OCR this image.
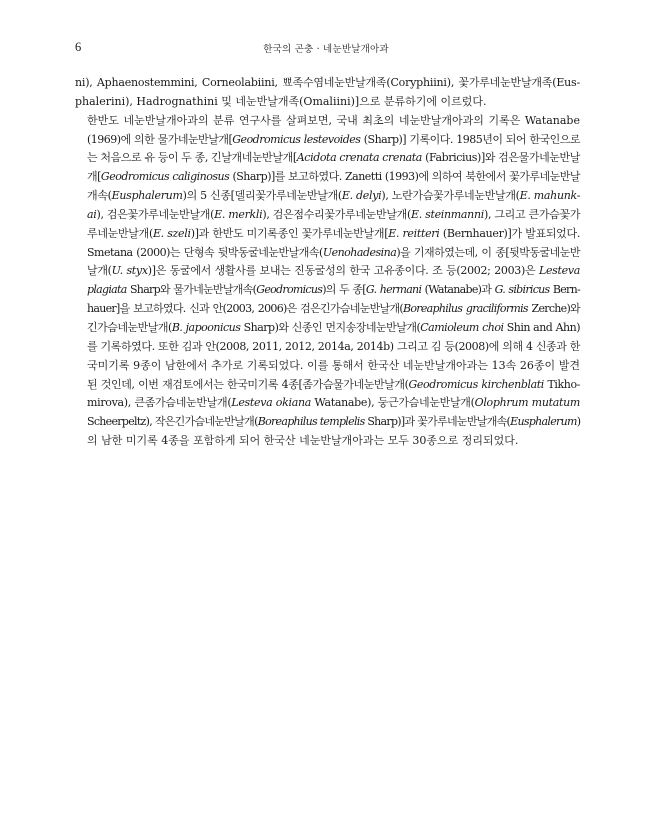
6	한국의 곤충 · 네눈반날개아과

ni), Aphaenostemmini, Corneolabiini, 뾰족수염네눈반날개족(Coryphiini), 꽃가루네눈반날개족(Eus-
phalerini), Hadrognathini 및 네눈반날개족(Omaliini)]으로 분류하기에 이르렀다.

한반도 네눈반날개아과의 분류 연구사를 살펴보면, 국내 최초의 네눈반날개아과의 기록은 Watanabe
(1969)에 의한 물가네눈반날개[Geodromicus lestevoides (Sharp)] 기록이다. 1985년이 되어 한국인으로
는 처음으로 유 등이 두 종, 긴날개네눈반날개[Acidota crenata crenata (Fabricius)]와 검은물가네눈반날
개[Geodromicus caliginosus (Sharp)]를 보고하였다. Zanetti (1993)에 의하여 북한에서 꽃가루네눈반날
개속(Eusphalerum)의 5 신종[델리꽃가루네눈반날개(E. delyi), 노란가슴꽃가루네눈반날개(E. mahunk-
ai), 검은꽃가루네눈반날개(E. merkli), 검은점수리꽃가루네눈반날개(E. steinmanni), 그리고 큰가슴꽃가
루네눈반날개(E. szeli)]과 한반도 미기록종인 꽃가루네눈반날개[E. reitteri (Bernhauer)]가 발표되었다.
Smetana (2000)는 단형속 뒷박동굴네눈반날개속(Uenohadesina)을 기재하였는데, 이 종[뒷박동굴네눈반
날개(U. styx)]은 동굴에서 생활사를 보내는 진동굴성의 한국 고유종이다. 조 등(2002; 2003)은 Lesteva
plagiata Sharp와 물가네눈반날개속(Geodromicus)의 두 종[G. hermani (Watanabe)과 G. sibiricus Bern-
hauer]을 보고하였다. 신과 안(2003, 2006)은 검은긴가슴네눈반날개(Boreaphilus graciliformis Zerche)와
긴가슴네눈반날개(B. japoonicus Sharp)와 신종인 먼지송장네눈반날개(Camioleum choi Shin and Ahn)
를 기록하였다. 또한 김과 안(2008, 2011, 2012, 2014a, 2014b) 그리고 김 등(2008)에 의해 4 신종과 한
국미기록 9종이 남한에서 추가로 기록되었다. 이를 통해서 한국산 네눈반날개아과는 13속 26종이 발견
된 것인데, 이번 재검토에서는 한국미기록 4종[좀가슴물가네눈반날개(Geodromicus kirchenblati Tikho-
mirova), 큰좀가슴네눈반날개(Lesteva okiana Watanabe), 둥근가슴네눈반날개(Olophrum mutatum
Scheerpeltz), 작은긴가슴네눈반날개(Boreaphilus templelis Sharp)]과 꽃가루네눈반날개속(Eusphalerum)
의 남한 미기록 4종을 포함하게 되어 한국산 네눈반날개아과는 모두 30종으로 정리되었다.
